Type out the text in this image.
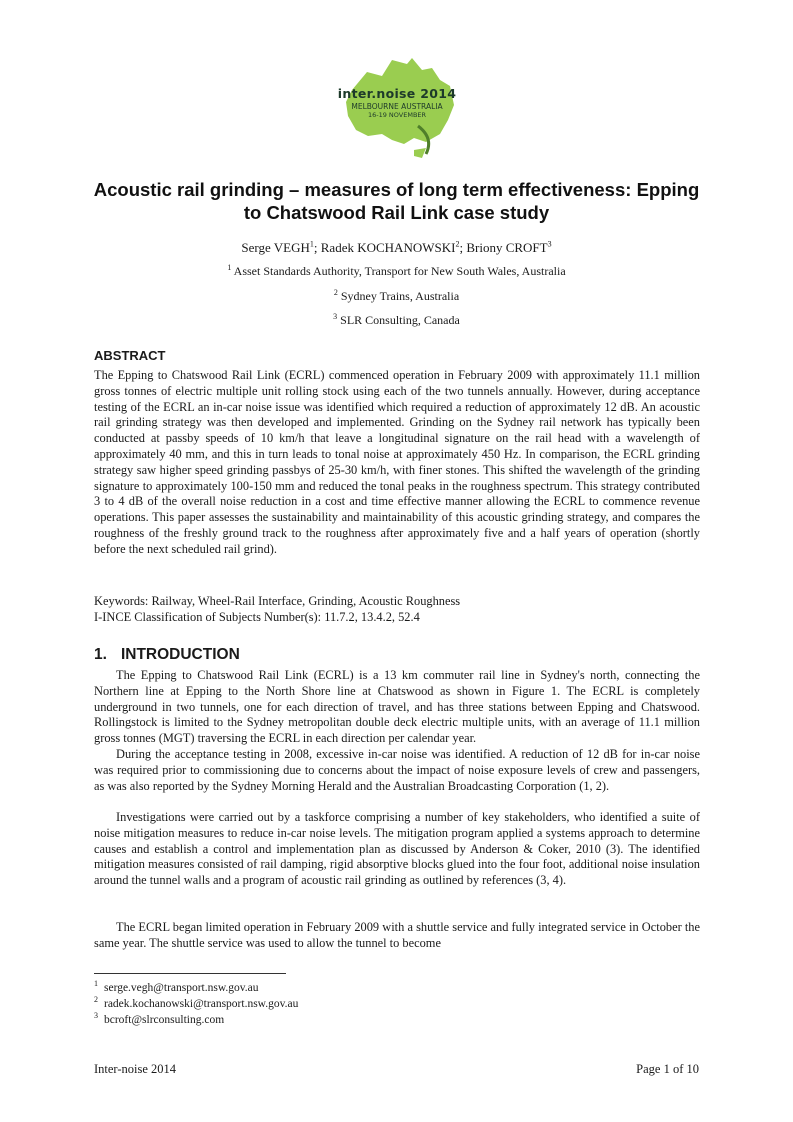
inter.noise 2014
MELBOURNE AUSTRALIA
16-19 NOVEMBER
Acoustic rail grinding – measures of long term effectiveness: Epping
to Chatswood Rail Link case study
Serge VEGH$^1$; Radek KOCHANOWSKI$^2$; Briony CROFT$^3$
$^1$ Asset Standards Authority, Transport for New South Wales, Australia
$^2$ Sydney Trains, Australia
$^3$ SLR Consulting, Canada
ABSTRACT
The Epping to Chatswood Rail Link (ECRL) commenced operation in February 2009 with approximately 11.1 million gross tonnes of electric multiple unit rolling stock using each of the two tunnels annually. However, during acceptance testing of the ECRL an in-car noise issue was identified which required a reduction of approximately 12 dB. An acoustic rail grinding strategy was then developed and implemented. Grinding on the Sydney rail network has typically been conducted at passby speeds of 10 km/h that leave a longitudinal signature on the rail head with a wavelength of approximately 40 mm, and this in turn leads to tonal noise at approximately 450 Hz. In comparison, the ECRL grinding strategy saw higher speed grinding passbys of 25-30 km/h, with finer stones. This shifted the wavelength of the grinding signature to approximately 100-150 mm and reduced the tonal peaks in the roughness spectrum. This strategy contributed 3 to 4 dB of the overall noise reduction in a cost and time effective manner allowing the ECRL to commence revenue operations. This paper assesses the sustainability and maintainability of this acoustic grinding strategy, and compares the roughness of the freshly ground track to the roughness after approximately five and a half years of operation (shortly before the next scheduled rail grind).
Keywords: Railway, Wheel-Rail Interface, Grinding, Acoustic Roughness
I-INCE Classification of Subjects Number(s): 11.7.2, 13.4.2, 52.4
1. INTRODUCTION
The Epping to Chatswood Rail Link (ECRL) is a 13 km commuter rail line in Sydney's north, connecting the Northern line at Epping to the North Shore line at Chatswood as shown in Figure 1. The ECRL is completely underground in two tunnels, one for each direction of travel, and has three stations between Epping and Chatswood. Rollingstock is limited to the Sydney metropolitan double deck electric multiple units, with an average of 11.1 million gross tonnes (MGT) traversing the ECRL in each direction per calendar year.
During the acceptance testing in 2008, excessive in-car noise was identified. A reduction of 12 dB for in-car noise was required prior to commissioning due to concerns about the impact of noise exposure levels of crew and passengers, as was also reported by the Sydney Morning Herald and the Australian Broadcasting Corporation (1, 2).
Investigations were carried out by a taskforce comprising a number of key stakeholders, who identified a suite of noise mitigation measures to reduce in-car noise levels. The mitigation program applied a systems approach to determine causes and establish a control and implementation plan as discussed by Anderson & Coker, 2010 (3). The identified mitigation measures consisted of rail damping, rigid absorptive blocks glued into the four foot, additional noise insulation around the tunnel walls and a program of acoustic rail grinding as outlined by references (3, 4).
The ECRL began limited operation in February 2009 with a shuttle service and fully integrated service in October the same year. The shuttle service was used to allow the tunnel to become
$^1$ serge.vegh@transport.nsw.gov.au
$^2$ radek.kochanowski@transport.nsw.gov.au
$^3$ bcroft@slrconsulting.com
Inter-noise 2014	Page 1 of 10
